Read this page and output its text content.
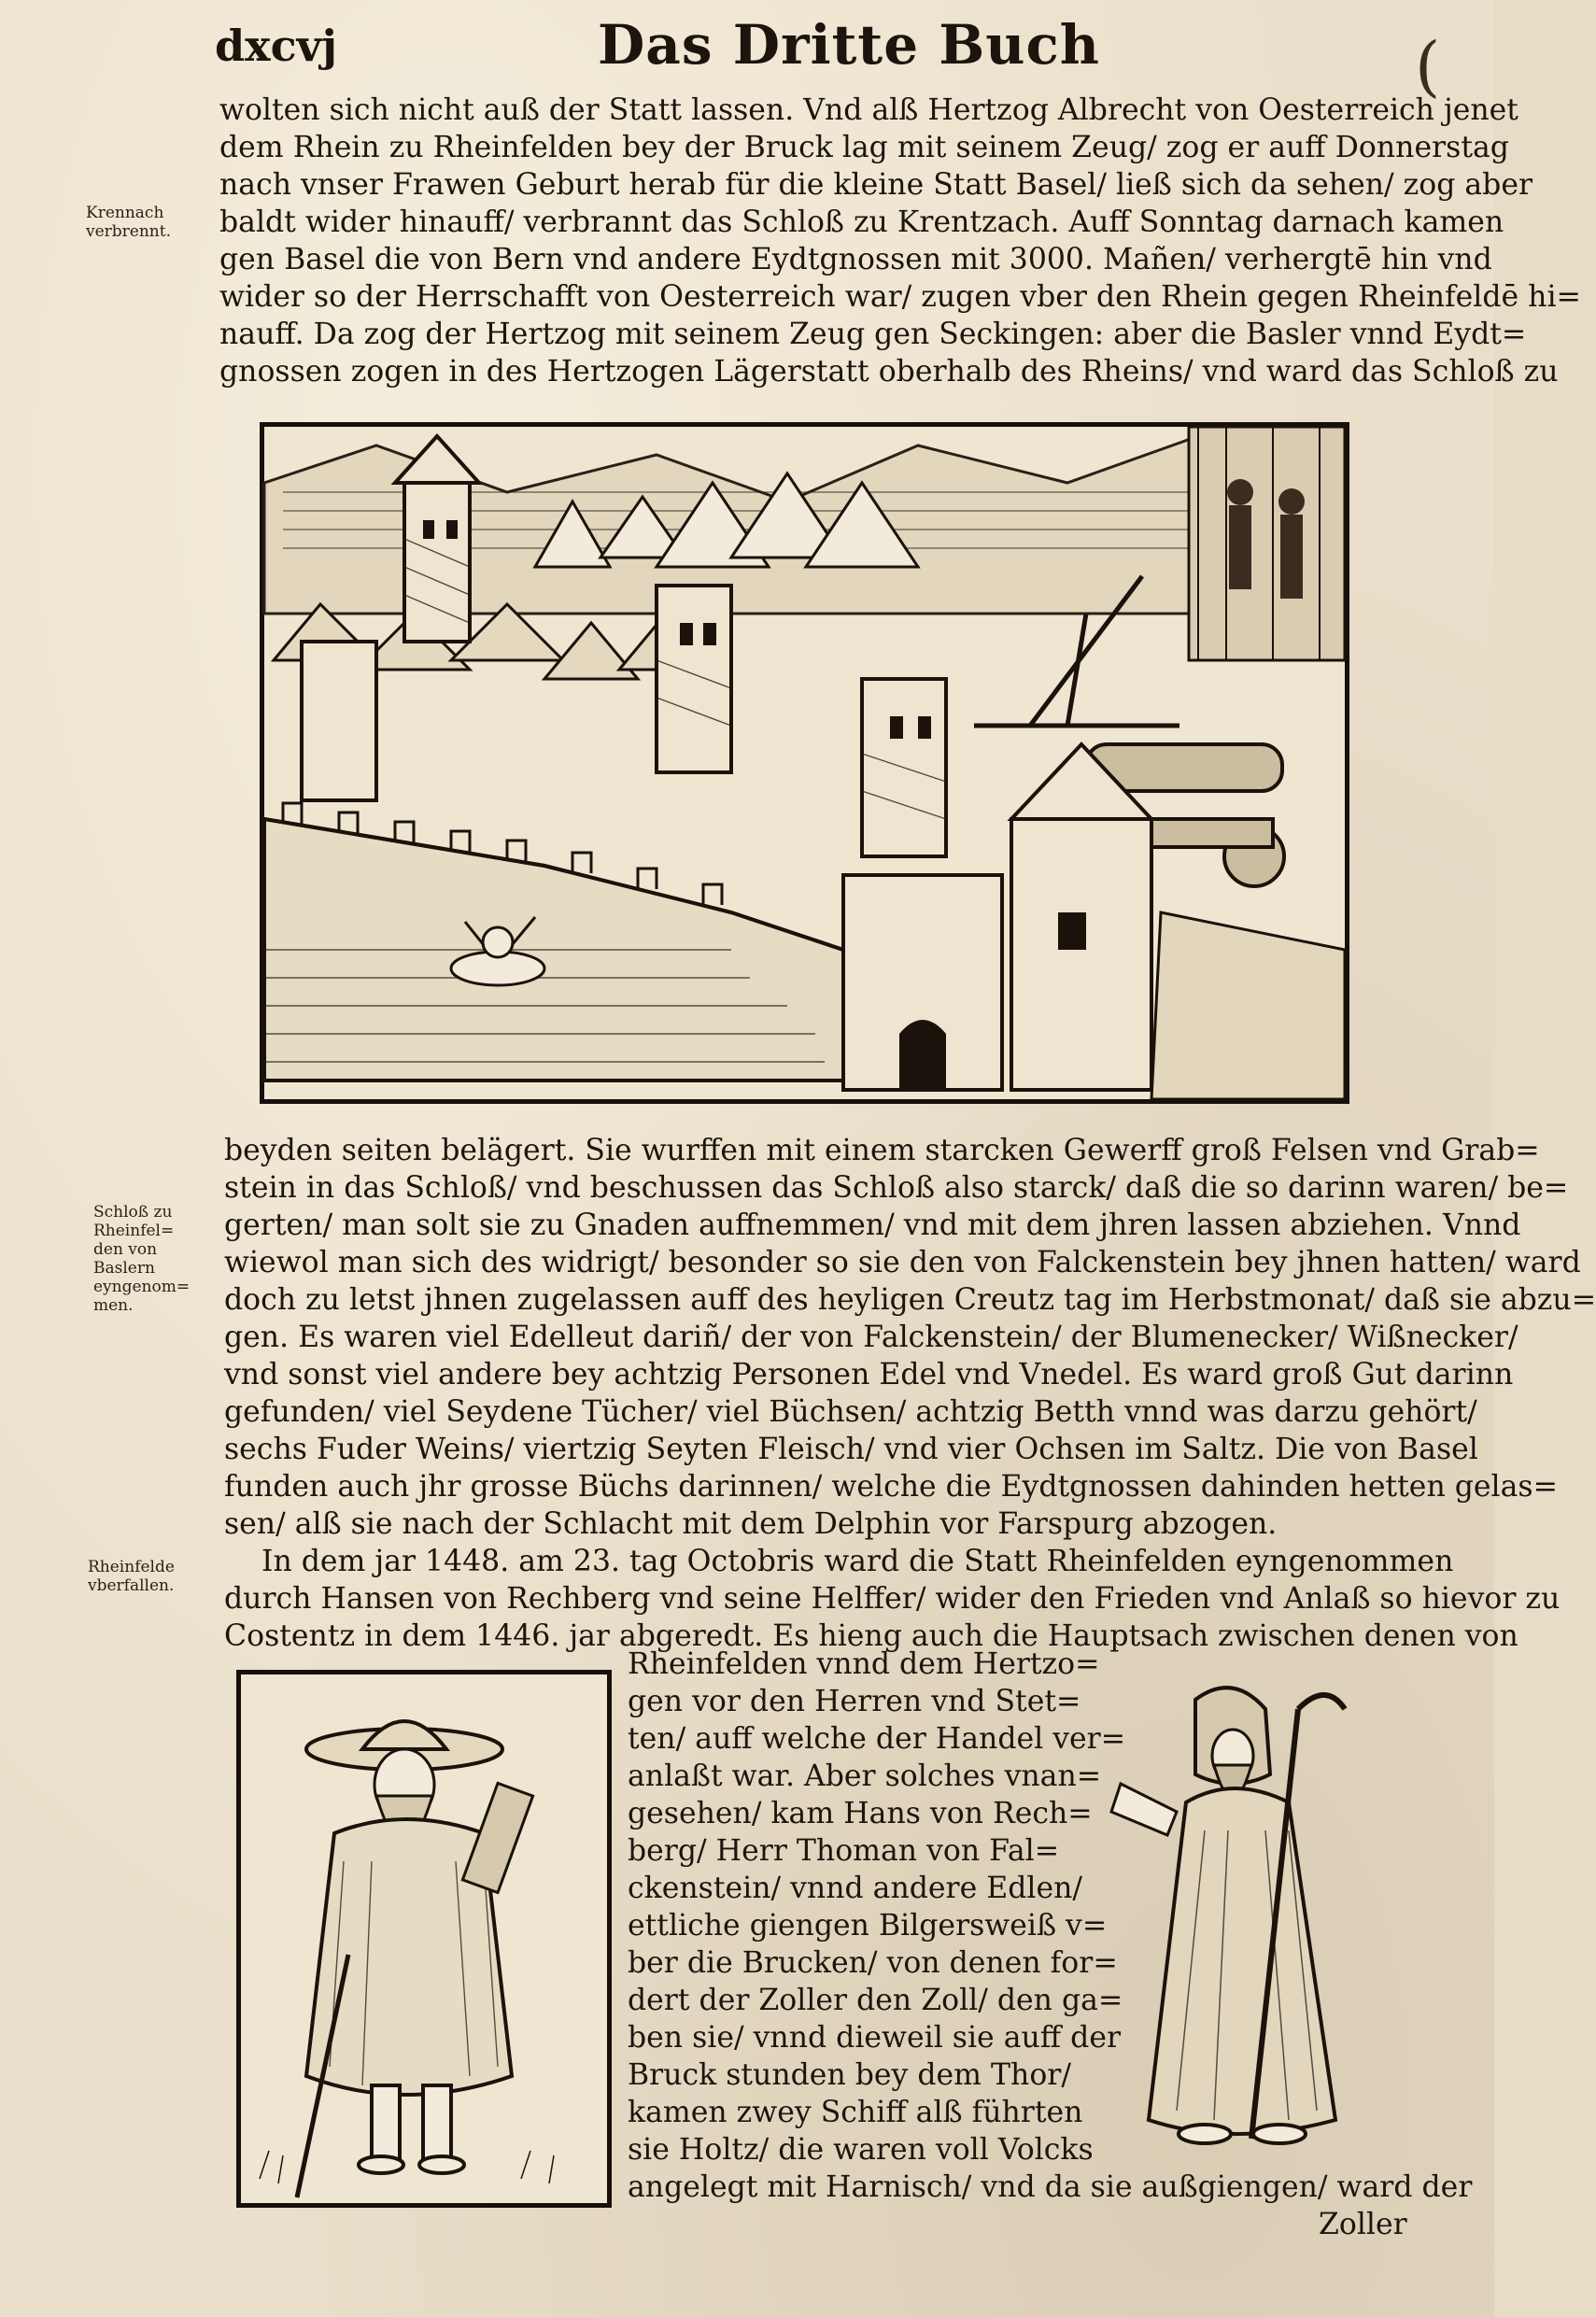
dxcvj	Das Dritte Buch	(
Krennach
verbrennt.
Schloß zu
Rheinfel=
den von
Baslern
eyngenom=
men.
Rheinfelde
vberfallen.
wolten sich nicht auß der Statt lassen. Vnd alß Hertzog Albrecht von Oesterreich jenet
dem Rhein zu Rheinfelden bey der Bruck lag mit seinem Zeug/ zog er auff Donnerstag
nach vnser Frawen Geburt herab für die kleine Statt Basel/ ließ sich da sehen/ zog aber
baldt wider hinauff/ verbrannt das Schloß zu Krentzach. Auff Sonntag darnach kamen
gen Basel die von Bern vnd andere Eydtgnossen mit 3000. Mañen/ verhergtē hin vnd
wider so der Herrschafft von Oesterreich war/ zugen vber den Rhein gegen Rheinfeldē hi=
nauff. Da zog der Hertzog mit seinem Zeug gen Seckingen: aber die Basler vnnd Eydt=
gnossen zogen in des Hertzogen Lägerstatt oberhalb des Rheins/ vnd ward das Schloß zu
beyden seiten belägert. Sie wurffen mit einem starcken Gewerff groß Felsen vnd Grab=
stein in das Schloß/ vnd beschussen das Schloß also starck/ daß die so darinn waren/ be=
gerten/ man solt sie zu Gnaden auffnemmen/ vnd mit dem jhren lassen abziehen. Vnnd
wiewol man sich des widrigt/ besonder so sie den von Falckenstein bey jhnen hatten/ ward
doch zu letst jhnen zugelassen auff des heyligen Creutz tag im Herbstmonat/ daß sie abzu=
gen. Es waren viel Edelleut dariñ/ der von Falckenstein/ der Blumenecker/ Wißnecker/
vnd sonst viel andere bey achtzig Personen Edel vnd Vnedel. Es ward groß Gut darinn
gefunden/ viel Seydene Tücher/ viel Büchsen/ achtzig Betth vnnd was darzu gehört/
sechs Fuder Weins/ viertzig Seyten Fleisch/ vnd vier Ochsen im Saltz. Die von Basel
funden auch jhr grosse Büchs darinnen/ welche die Eydtgnossen dahinden hetten gelas=
sen/ alß sie nach der Schlacht mit dem Delphin vor Farspurg abzogen.
In dem jar 1448. am 23. tag Octobris ward die Statt Rheinfelden eyngenommen
durch Hansen von Rechberg vnd seine Helffer/ wider den Frieden vnd Anlaß so hievor zu
Costentz in dem 1446. jar abgeredt. Es hieng auch die Hauptsach zwischen denen von
Rheinfelden vnnd dem Hertzo=
gen vor den Herren vnd Stet=
ten/ auff welche der Handel ver=
anlaßt war. Aber solches vnan=
gesehen/ kam Hans von Rech=
berg/ Herr Thoman von Fal=
ckenstein/ vnnd andere Edlen/
ettliche giengen Bilgersweiß v=
ber die Brucken/ von denen for=
dert der Zoller den Zoll/ den ga=
ben sie/ vnnd dieweil sie auff der
Bruck stunden bey dem Thor/
kamen zwey Schiff alß führten
sie Holtz/ die waren voll Volcks
angelegt mit Harnisch/ vnd da sie außgiengen/ ward der
Zoller
